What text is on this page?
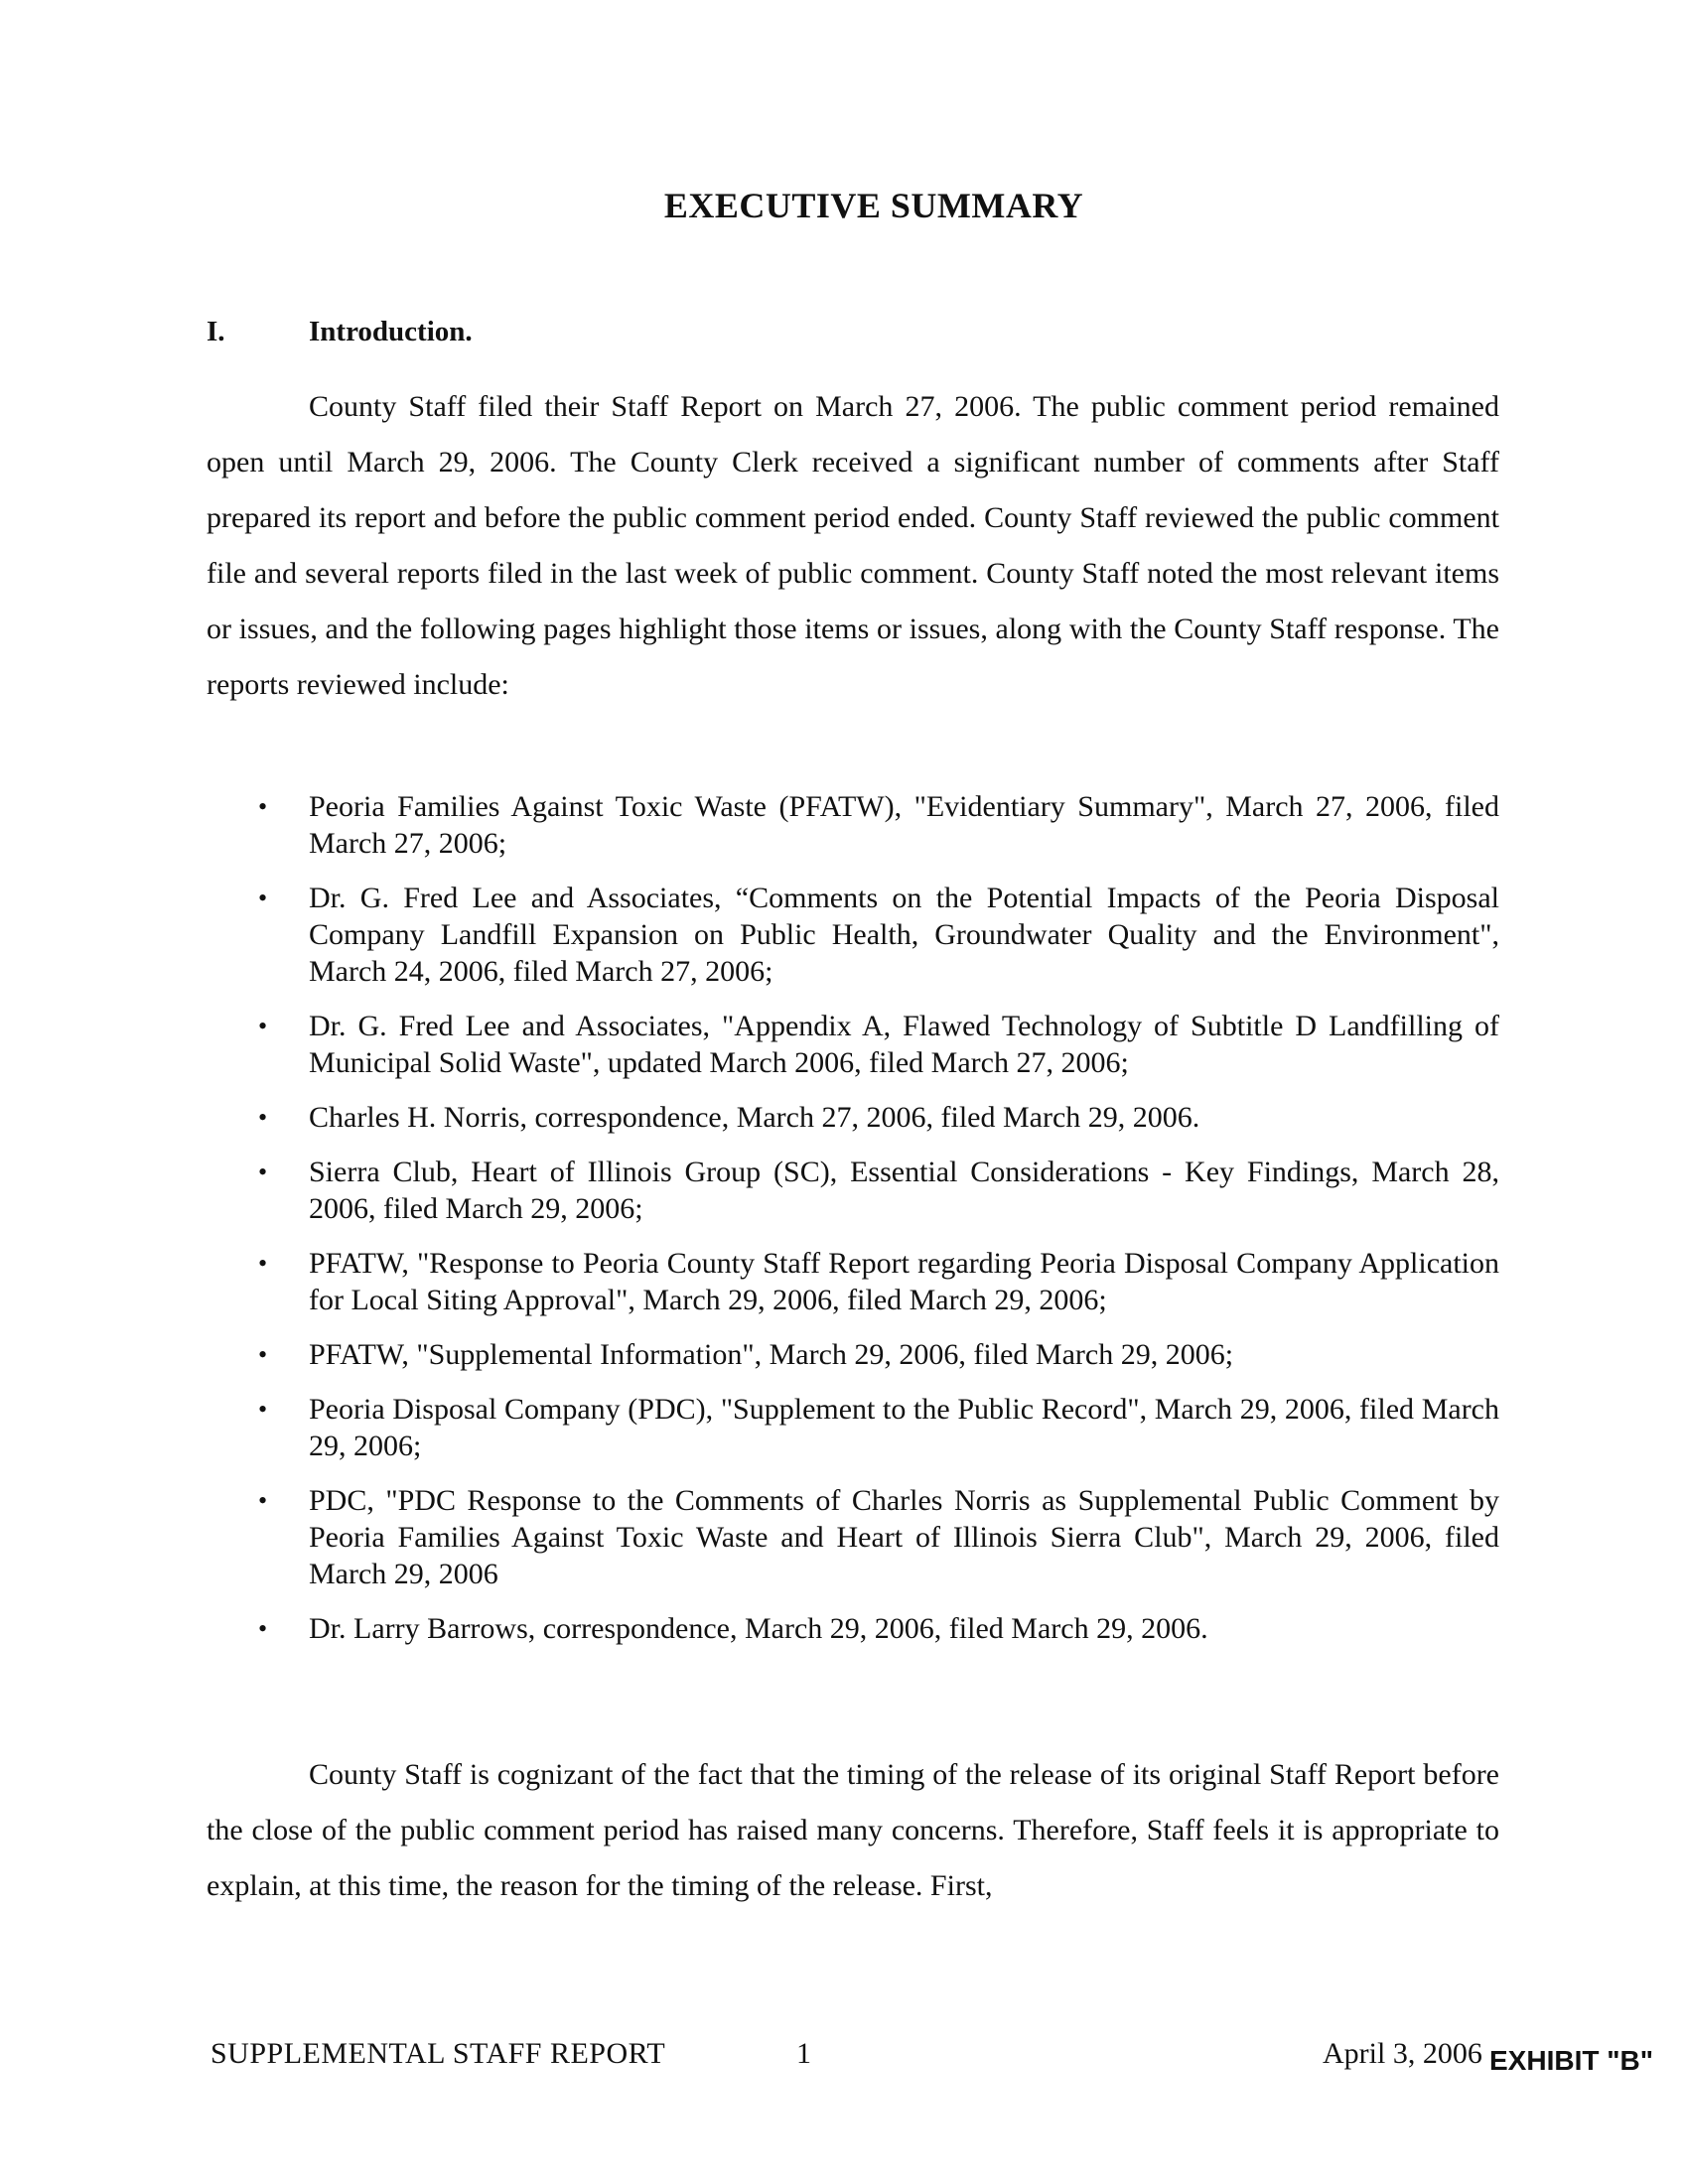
EXECUTIVE SUMMARY
I.	Introduction.

County Staff filed their Staff Report on March 27, 2006. The public comment period remained open until March 29, 2006. The County Clerk received a significant number of comments after Staff prepared its report and before the public comment period ended. County Staff reviewed the public comment file and several reports filed in the last week of public comment. County Staff noted the most relevant items or issues, and the following pages highlight those items or issues, along with the County Staff response. The reports reviewed include:

• Peoria Families Against Toxic Waste (PFATW), "Evidentiary Summary", March 27, 2006, filed March 27, 2006;
• Dr. G. Fred Lee and Associates, “Comments on the Potential Impacts of the Peoria Disposal Company Landfill Expansion on Public Health, Groundwater Quality and the Environment", March 24, 2006, filed March 27, 2006;
• Dr. G. Fred Lee and Associates, "Appendix A, Flawed Technology of Subtitle D Landfilling of Municipal Solid Waste", updated March 2006, filed March 27, 2006;
• Charles H. Norris, correspondence, March 27, 2006, filed March 29, 2006.
• Sierra Club, Heart of Illinois Group (SC), Essential Considerations - Key Findings, March 28, 2006, filed March 29, 2006;
• PFATW, "Response to Peoria County Staff Report regarding Peoria Disposal Company Application for Local Siting Approval", March 29, 2006, filed March 29, 2006;
• PFATW, "Supplemental Information", March 29, 2006, filed March 29, 2006;
• Peoria Disposal Company (PDC), "Supplement to the Public Record", March 29, 2006, filed March 29, 2006;
• PDC, "PDC Response to the Comments of Charles Norris as Supplemental Public Comment by Peoria Families Against Toxic Waste and Heart of Illinois Sierra Club", March 29, 2006, filed March 29, 2006
• Dr. Larry Barrows, correspondence, March 29, 2006, filed March 29, 2006.

County Staff is cognizant of the fact that the timing of the release of its original Staff Report before the close of the public comment period has raised many concerns. Therefore, Staff feels it is appropriate to explain, at this time, the reason for the timing of the release. First,

SUPPLEMENTAL STAFF REPORT	1	April 3, 2006 EXHIBIT "B"
